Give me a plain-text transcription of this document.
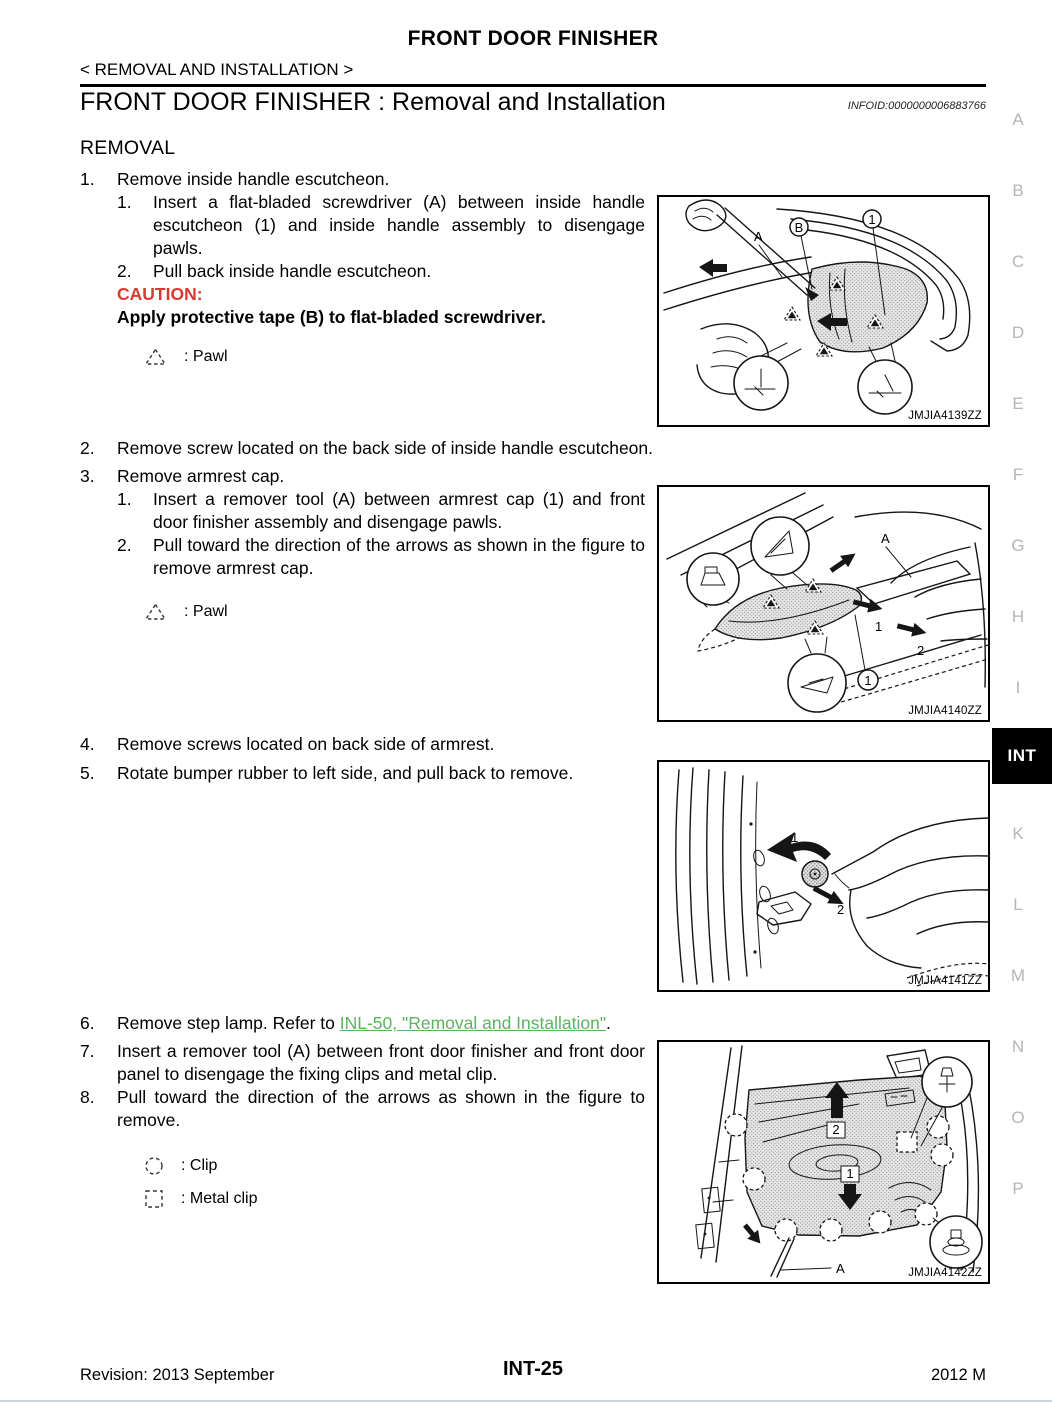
FRONT DOOR FINISHER
< REMOVAL AND INSTALLATION >
FRONT DOOR FINISHER : Removal and Installation	INFOID:0000000006883766
REMOVAL
1.	Remove inside handle escutcheon.
1.	Insert a flat-bladed screwdriver (A) between inside handle escutcheon (1) and inside handle assembly to disengage pawls.
2.	Pull back inside handle escutcheon.
CAUTION:
Apply protective tape (B) to flat-bladed screwdriver.
: Pawl
2.	Remove screw located on the back side of inside handle escutcheon.
3.	Remove armrest cap.
1.	Insert a remover tool (A) between armrest cap (1) and front door finisher assembly and disengage pawls.
2.	Pull toward the direction of the arrows as shown in the figure to remove armrest cap.
: Pawl
4.	Remove screws located on back side of armrest.
5.	Rotate bumper rubber to left side, and pull back to remove.
6.	Remove step lamp. Refer to INL-50, "Removal and Installation".
7.	Insert a remover tool (A) between front door finisher and front door panel to disengage the fixing clips and metal clip.
8.	Pull toward the direction of the arrows as shown in the figure to remove.
: Clip
: Metal clip
A
B
1
JMJIA4139ZZ
1
2
A
1
JMJIA4140ZZ
1
2
JMJIA4141ZZ
2
1
A	JMJIA4142ZZ
A
B
C
D
E
F
G
H
I
INT
K
L
M
N
O
P
Revision: 2013 September	INT-25	2012 M
